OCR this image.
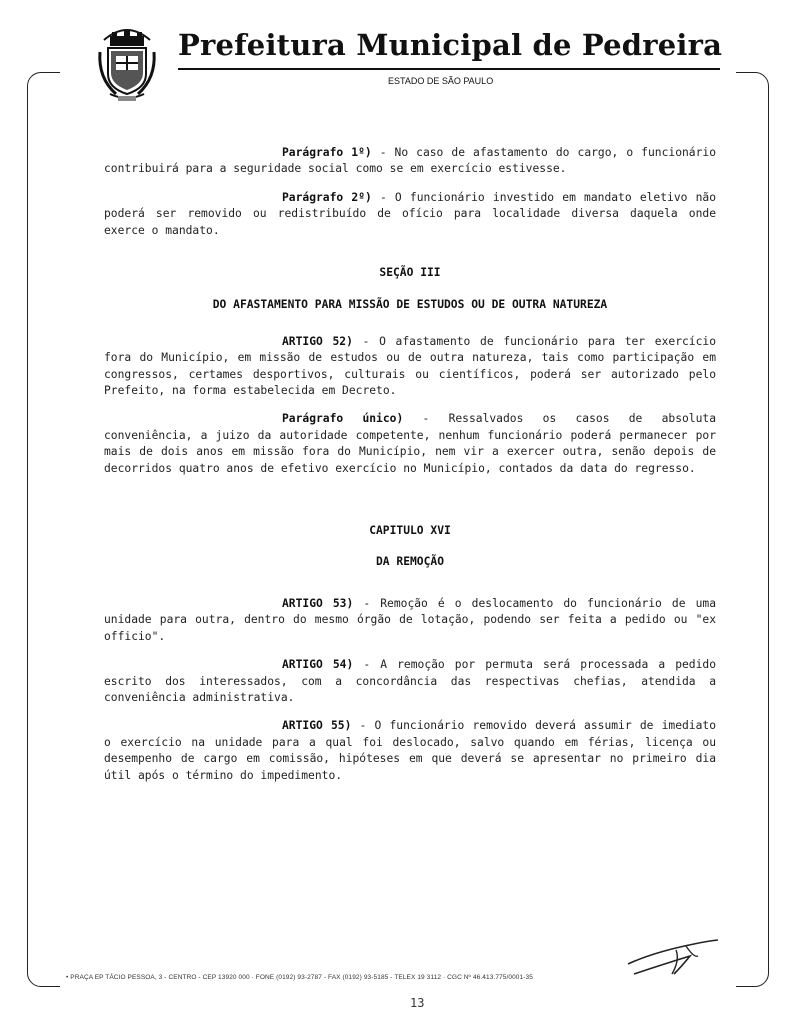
Prefeitura Municipal de Pedreira
ESTADO DE SÃO PAULO

Parágrafo 1º) - No caso de afastamento do cargo, o funcionário contribuirá para a seguridade social como se em exercício estivesse.

Parágrafo 2º) - O funcionário investido em mandato eletivo não poderá ser removido ou redistribuído de ofício para localidade diversa daquela onde exerce o mandato.

SEÇÃO III
DO AFASTAMENTO PARA MISSÃO DE ESTUDOS OU DE OUTRA NATUREZA

ARTIGO 52) - O afastamento de funcionário para ter exercício fora do Município, em missão de estudos ou de outra natureza, tais como participação em congressos, certames desportivos, culturais ou científicos, poderá ser autorizado pelo Prefeito, na forma estabelecida em Decreto.

Parágrafo único) - Ressalvados os casos de absoluta conveniência, a juizo da autoridade competente, nenhum funcionário poderá permanecer por mais de dois anos em missão fora do Município, nem vir a exercer outra, senão depois de decorridos quatro anos de efetivo exercício no Município, contados da data do regresso.

CAPITULO XVI
DA REMOÇÃO

ARTIGO 53) - Remoção é o deslocamento do funcionário de uma unidade para outra, dentro do mesmo órgão de lotação, podendo ser feita a pedido ou "ex officio".

ARTIGO 54) - A remoção por permuta será processada a pedido escrito dos interessados, com a concordância das respectivas chefias, atendida a conveniência administrativa.

ARTIGO 55) - O funcionário removido deverá assumir de imediato o exercício na unidade para a qual foi deslocado, salvo quando em férias, licença ou desempenho de cargo em comissão, hipóteses em que deverá se apresentar no primeiro dia útil após o término do impedimento.

• PRAÇA EP TÁCIO PESSOA, 3 - CENTRO - CEP 13920 000 · FONE (0192) 93-2787 - FAX (0192) 93-5185 - TELEX 19 3112 · CGC Nº 46.413.775/0001-35
13
